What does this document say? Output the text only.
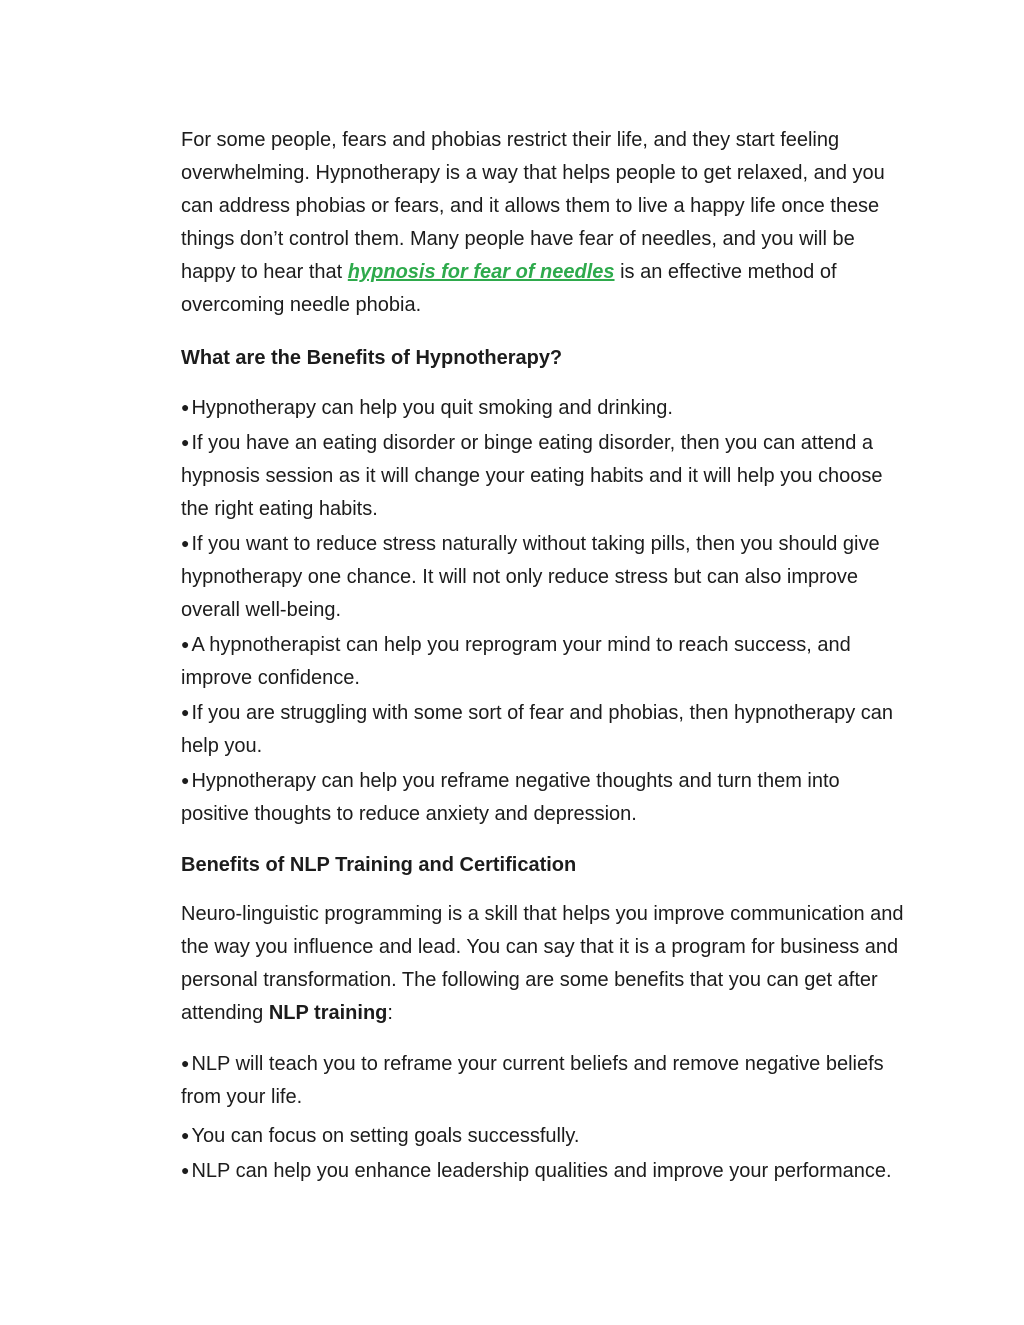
For some people, fears and phobias restrict their life, and they start feeling overwhelming. Hypnotherapy is a way that helps people to get relaxed, and you can address phobias or fears, and it allows them to live a happy life once these things don’t control them. Many people have fear of needles, and you will be happy to hear that hypnosis for fear of needles is an effective method of overcoming needle phobia.

What are the Benefits of Hypnotherapy?

● Hypnotherapy can help you quit smoking and drinking.

● If you have an eating disorder or binge eating disorder, then you can attend a hypnosis session as it will change your eating habits and it will help you choose the right eating habits.

● If you want to reduce stress naturally without taking pills, then you should give hypnotherapy one chance. It will not only reduce stress but can also improve overall well-being.

● A hypnotherapist can help you reprogram your mind to reach success, and improve confidence.

● If you are struggling with some sort of fear and phobias, then hypnotherapy can help you.

● Hypnotherapy can help you reframe negative thoughts and turn them into positive thoughts to reduce anxiety and depression.

Benefits of NLP Training and Certification

Neuro-linguistic programming is a skill that helps you improve communication and the way you influence and lead. You can say that it is a program for business and personal transformation. The following are some benefits that you can get after attending NLP training:

● NLP will teach you to reframe your current beliefs and remove negative beliefs from your life.

● You can focus on setting goals successfully.

● NLP can help you enhance leadership qualities and improve your performance.
